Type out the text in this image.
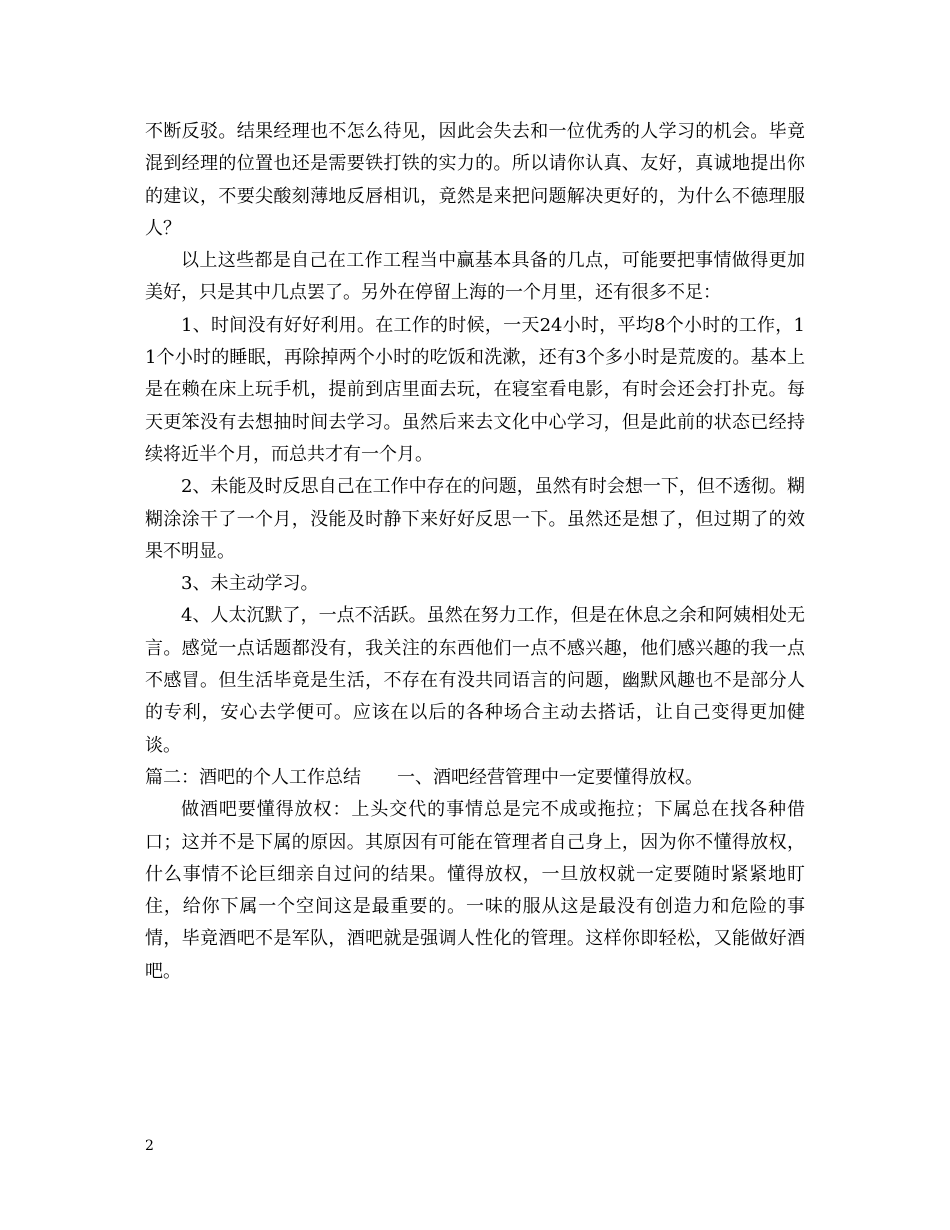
不断反驳。结果经理也不怎么待见，因此会失去和一位优秀的人学习的机会。毕竟混到经理的位置也还是需要铁打铁的实力的。所以请你认真、友好，真诚地提出你的建议，不要尖酸刻薄地反唇相讥，竟然是来把问题解决更好的，为什么不德理服人？

以上这些都是自己在工作工程当中赢基本具备的几点，可能要把事情做得更加美好，只是其中几点罢了。另外在停留上海的一个月里，还有很多不足：

1、时间没有好好利用。在工作的时候，一天24小时，平均8个小时的工作，11个小时的睡眠，再除掉两个小时的吃饭和洗漱，还有3个多小时是荒废的。基本上是在赖在床上玩手机，提前到店里面去玩，在寝室看电影，有时会还会打扑克。每天更笨没有去想抽时间去学习。虽然后来去文化中心学习，但是此前的状态已经持续将近半个月，而总共才有一个月。

2、未能及时反思自己在工作中存在的问题，虽然有时会想一下，但不透彻。糊糊涂涂干了一个月，没能及时静下来好好反思一下。虽然还是想了，但过期了的效果不明显。

3、未主动学习。

4、人太沉默了，一点不活跃。虽然在努力工作，但是在休息之余和阿姨相处无言。感觉一点话题都没有，我关注的东西他们一点不感兴趣，他们感兴趣的我一点不感冒。但生活毕竟是生活，不存在有没共同语言的问题，幽默风趣也不是部分人的专利，安心去学便可。应该在以后的各种场合主动去搭话，让自己变得更加健谈。

篇二：酒吧的个人工作总结 一、酒吧经营管理中一定要懂得放权。

做酒吧要懂得放权：上头交代的事情总是完不成或拖拉；下属总在找各种借口；这并不是下属的原因。其原因有可能在管理者自己身上，因为你不懂得放权，什么事情不论巨细亲自过问的结果。懂得放权，一旦放权就一定要随时紧紧地盯住，给你下属一个空间这是最重要的。一味的服从这是最没有创造力和危险的事情，毕竟酒吧不是军队，酒吧就是强调人性化的管理。这样你即轻松，又能做好酒吧。

2
